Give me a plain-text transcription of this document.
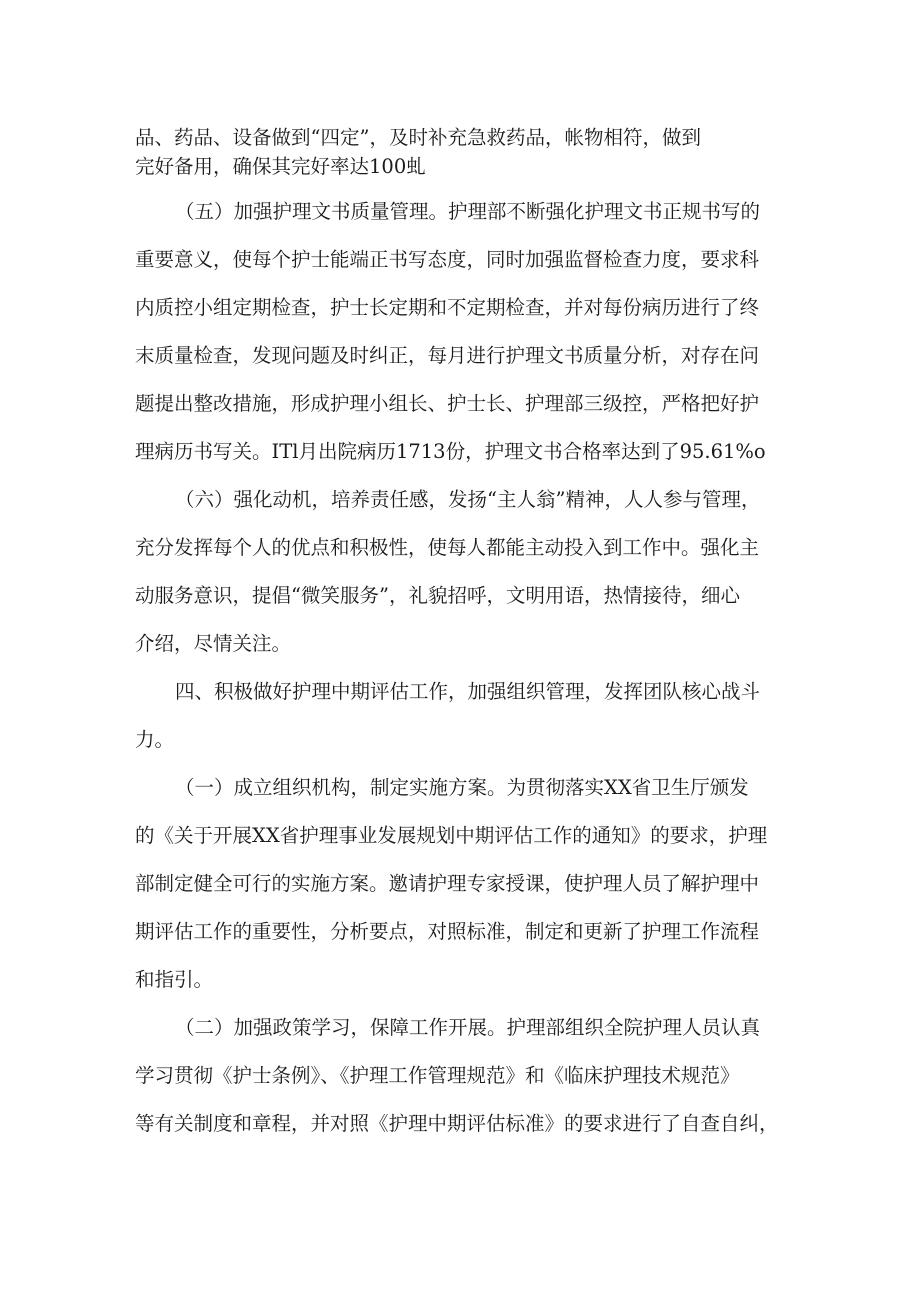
品、药品、设备做到“四定”，及时补充急救药品，帐物相符，做到
完好备用，确保其完好率达100虬
（五）加强护理文书质量管理。护理部不断强化护理文书正规书写的
重要意义，使每个护士能端正书写态度，同时加强监督检查力度，要求科
内质控小组定期检查，护士长定期和不定期检查，并对每份病历进行了终
末质量检查，发现问题及时纠正，每月进行护理文书质量分析，对存在问
题提出整改措施，形成护理小组长、护士长、护理部三级控，严格把好护
理病历书写关。ITl月出院病历1713份，护理文书合格率达到了95.61%o
（六）强化动机，培养责任感，发扬“主人翁”精神，人人参与管理，
充分发挥每个人的优点和积极性，使每人都能主动投入到工作中。强化主
动服务意识，提倡“微笑服务”，礼貌招呼，文明用语，热情接待，细心
介绍，尽情关注。
四、积极做好护理中期评估工作，加强组织管理，发挥团队核心战斗
力。
（一）成立组织机构，制定实施方案。为贯彻落实XX省卫生厅颁发
的《关于开展XX省护理事业发展规划中期评估工作的通知》的要求，护理
部制定健全可行的实施方案。邀请护理专家授课，使护理人员了解护理中
期评估工作的重要性，分析要点，对照标准，制定和更新了护理工作流程
和指引。
（二）加强政策学习，保障工作开展。护理部组织全院护理人员认真
学习贯彻《护士条例》、《护理工作管理规范》和《临床护理技术规范》
等有关制度和章程，并对照《护理中期评估标准》的要求进行了自查自纠，
